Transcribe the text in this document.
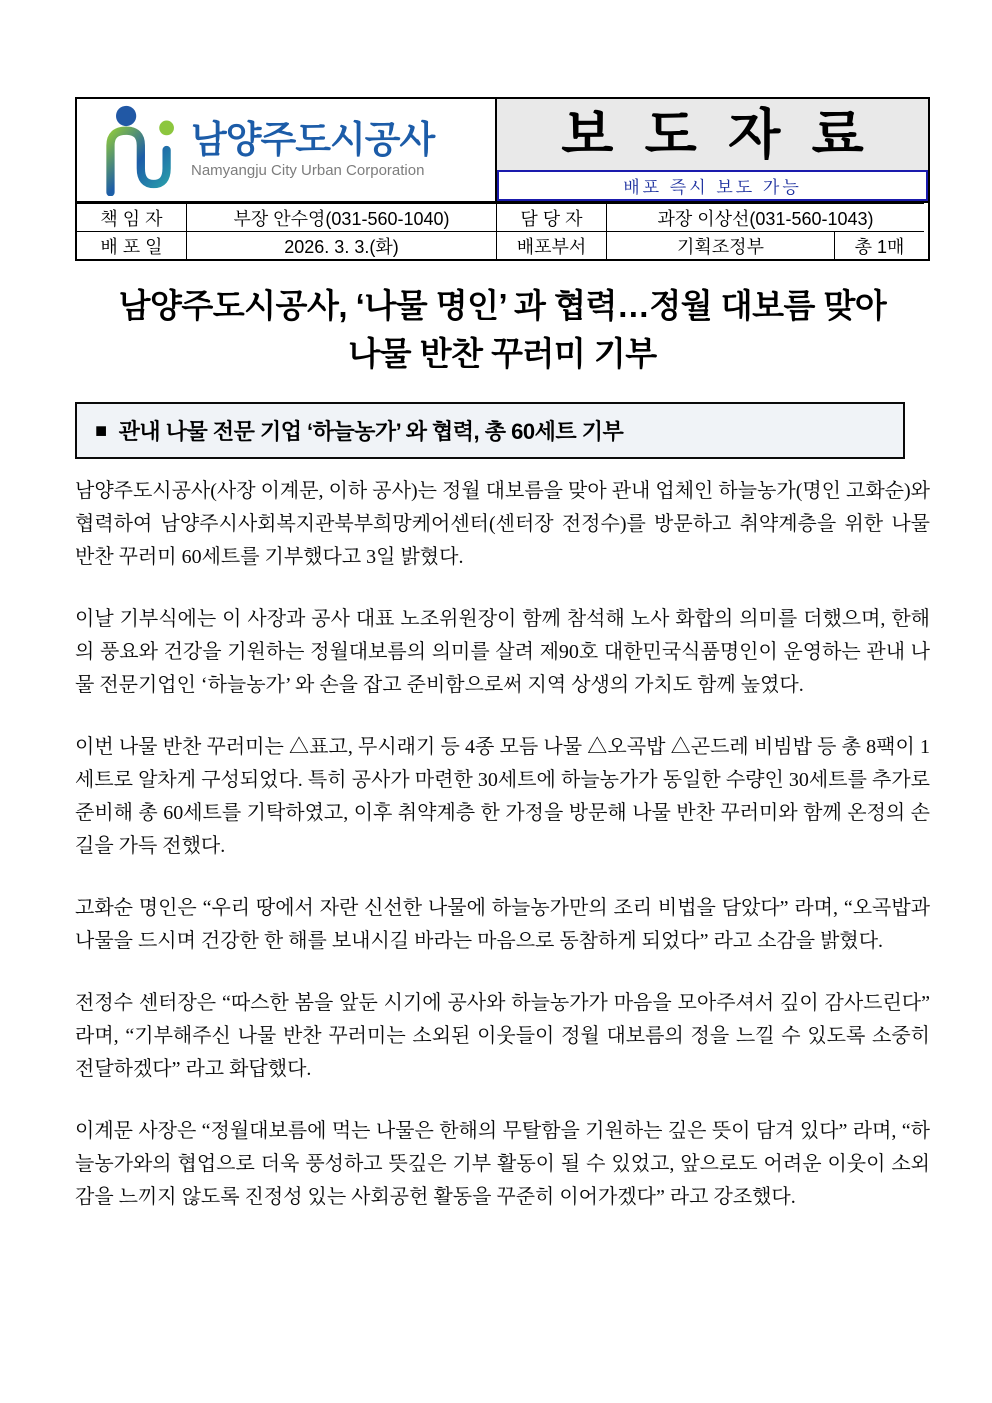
남양주도시공사
Namyangju City Urban Corporation
보도자료
배포 즉시 보도 가능
책 임 자	부장 안수영(031-560-1040)	담 당 자	과장 이상선(031-560-1043)
배 포 일	2026. 3. 3.(화)	배포부서	기획조정부	총 1매
남양주도시공사, ‘나물 명인’ 과 협력…정월 대보름 맞아
나물 반찬 꾸러미 기부
■ 관내 나물 전문 기업 ‘하늘농가’ 와 협력, 총 60세트 기부

남양주도시공사(사장 이계문, 이하 공사)는 정월 대보름을 맞아 관내 업체인 하늘농가(명인 고화순)와 협력하여 남양주시사회복지관북부희망케어센터(센터장 전정수)를 방문하고 취약계층을 위한 나물 반찬 꾸러미 60세트를 기부했다고 3일 밝혔다.

이날 기부식에는 이 사장과 공사 대표 노조위원장이 함께 참석해 노사 화합의 의미를 더했으며, 한해의 풍요와 건강을 기원하는 정월대보름의 의미를 살려 제90호 대한민국식품명인이 운영하는 관내 나물 전문기업인 ‘하늘농가’ 와 손을 잡고 준비함으로써 지역 상생의 가치도 함께 높였다.

이번 나물 반찬 꾸러미는 △표고, 무시래기 등 4종 모듬 나물 △오곡밥 △곤드레 비빔밥 등 총 8팩이 1세트로 알차게 구성되었다. 특히 공사가 마련한 30세트에 하늘농가가 동일한 수량인 30세트를 추가로 준비해 총 60세트를 기탁하였고, 이후 취약계층 한 가정을 방문해 나물 반찬 꾸러미와 함께 온정의 손길을 가득 전했다.

고화순 명인은 “우리 땅에서 자란 신선한 나물에 하늘농가만의 조리 비법을 담았다” 라며, “오곡밥과 나물을 드시며 건강한 한 해를 보내시길 바라는 마음으로 동참하게 되었다” 라고 소감을 밝혔다.

전정수 센터장은 “따스한 봄을 앞둔 시기에 공사와 하늘농가가 마음을 모아주셔서 깊이 감사드린다” 라며, “기부해주신 나물 반찬 꾸러미는 소외된 이웃들이 정월 대보름의 정을 느낄 수 있도록 소중히 전달하겠다” 라고 화답했다.

이계문 사장은 “정월대보름에 먹는 나물은 한해의 무탈함을 기원하는 깊은 뜻이 담겨 있다” 라며, “하늘농가와의 협업으로 더욱 풍성하고 뜻깊은 기부 활동이 될 수 있었고, 앞으로도 어려운 이웃이 소외감을 느끼지 않도록 진정성 있는 사회공헌 활동을 꾸준히 이어가겠다” 라고 강조했다.
